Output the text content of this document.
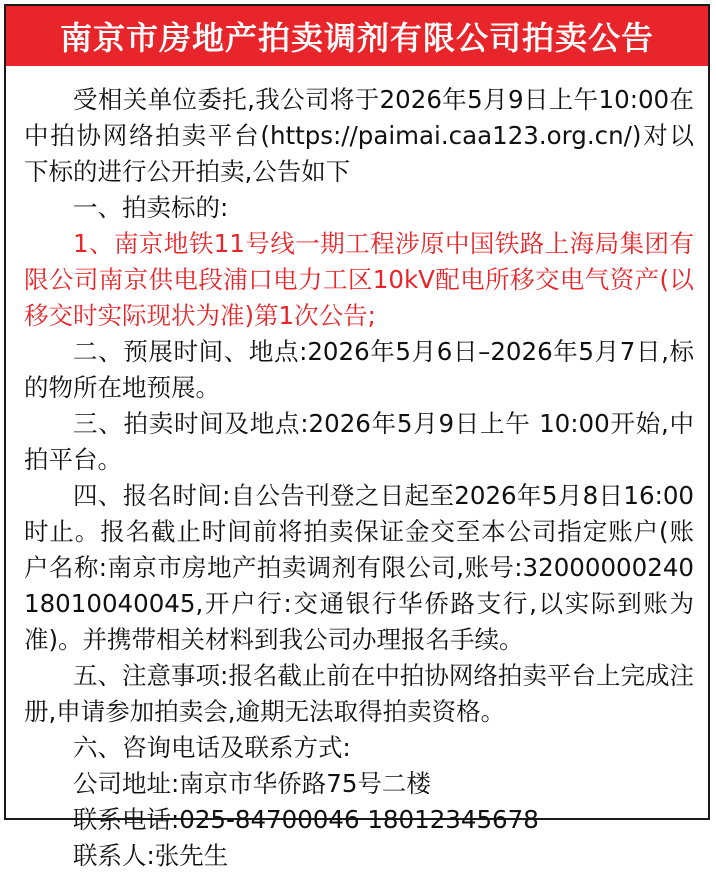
南京市房地产拍卖调剂有限公司拍卖公告

受相关单位委托,我公司将于2026年5月9日上午10:00在中拍协网络拍卖平台(https://paimai.caa123.org.cn/)对以下标的进行公开拍卖,公告如下

一、拍卖标的:

1、南京地铁11号线一期工程涉原中国铁路上海局集团有限公司南京供电段浦口电力工区10kV配电所移交电气资产(以移交时实际现状为准)第1次公告;

二、预展时间、地点:2026年5月6日–2026年5月7日,标的物所在地预展。

三、拍卖时间及地点:2026年5月9日上午 10:00开始,中拍平台。

四、报名时间:自公告刊登之日起至2026年5月8日16:00时止。报名截止时间前将拍卖保证金交至本公司指定账户(账户名称:南京市房地产拍卖调剂有限公司,账号:3200000024018010040045,开户行:交通银行华侨路支行,以实际到账为准)。并携带相关材料到我公司办理报名手续。

五、注意事项:报名截止前在中拍协网络拍卖平台上完成注册,申请参加拍卖会,逾期无法取得拍卖资格。

六、咨询电话及联系方式:

公司地址:南京市华侨路75号二楼

联系电话:025-84700046 18012345678

联系人:张先生
